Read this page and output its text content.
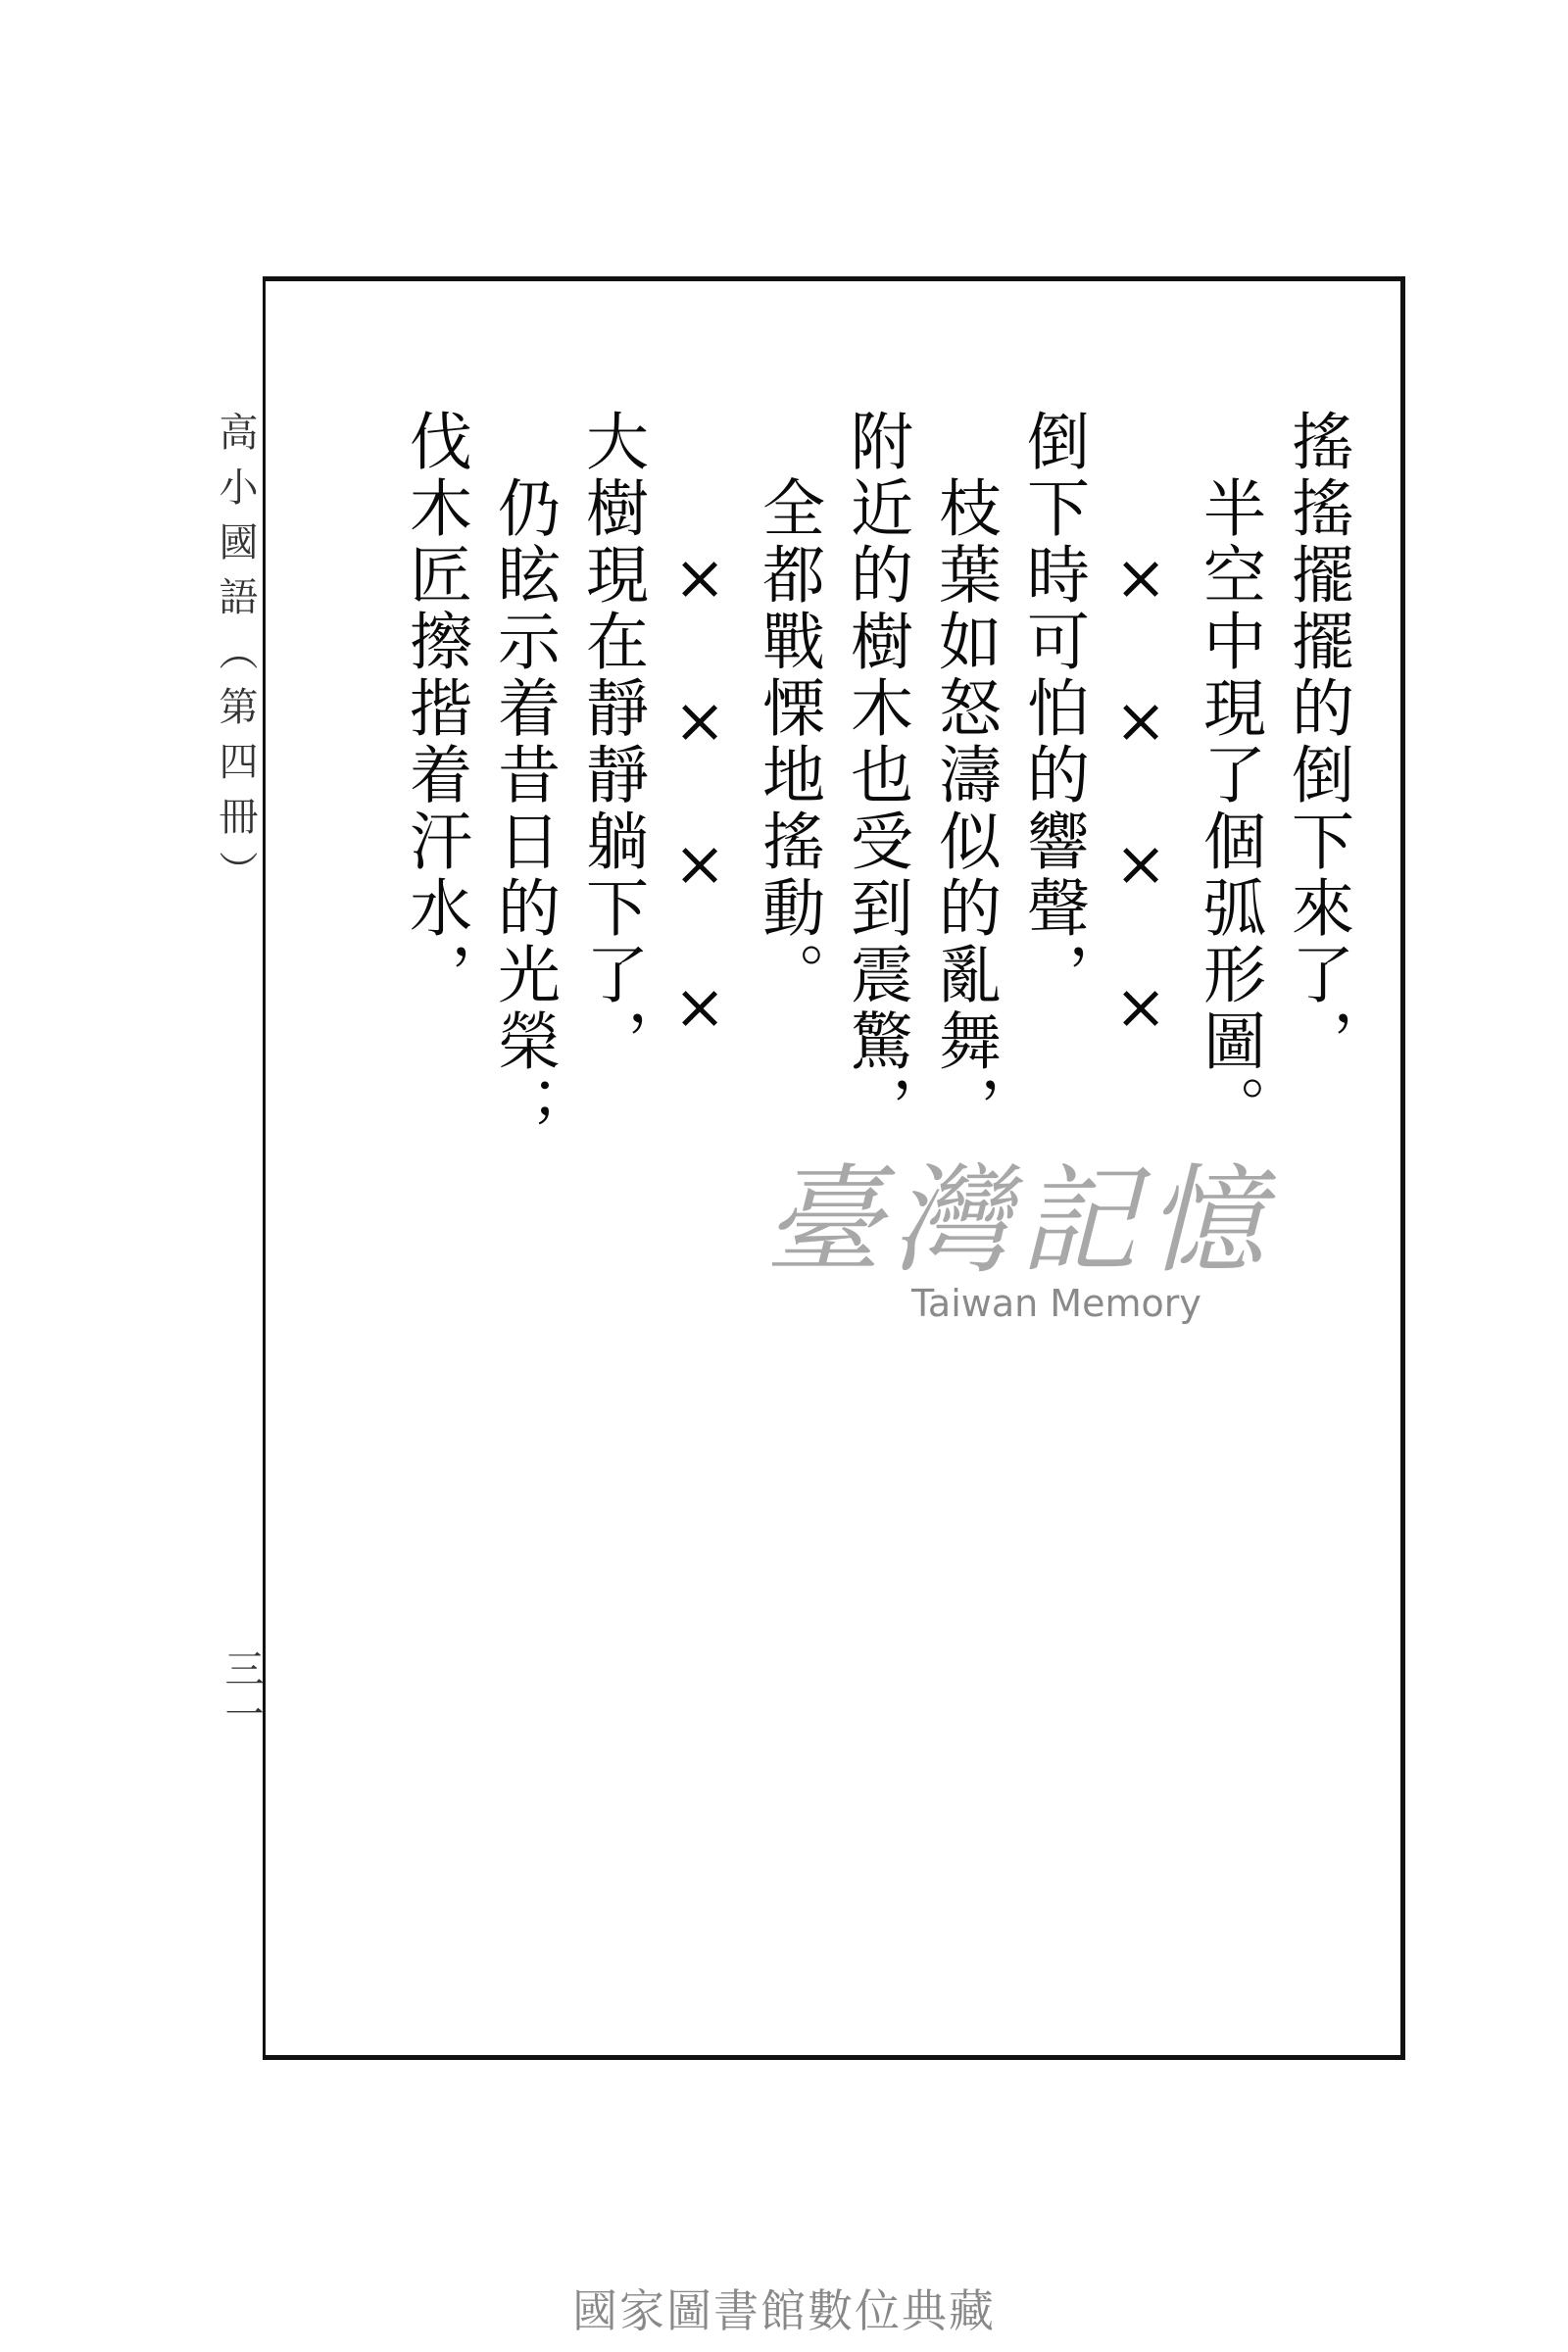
搖搖擺擺的倒下來了，
　半空中現了個弧形圖。
　　×　×　×　×
倒下時可怕的響聲，
　枝葉如怒濤似的亂舞，
附近的樹木也受到震驚，
　全都戰慄地搖動。
　　×　×　×　×
大樹現在靜靜躺下了，
　仍眩示着昔日的光榮；
伐木匠擦揩着汗水，
高小國語（第四冊）
三一
臺灣記憶
Taiwan Memory
國家圖書館數位典藏
